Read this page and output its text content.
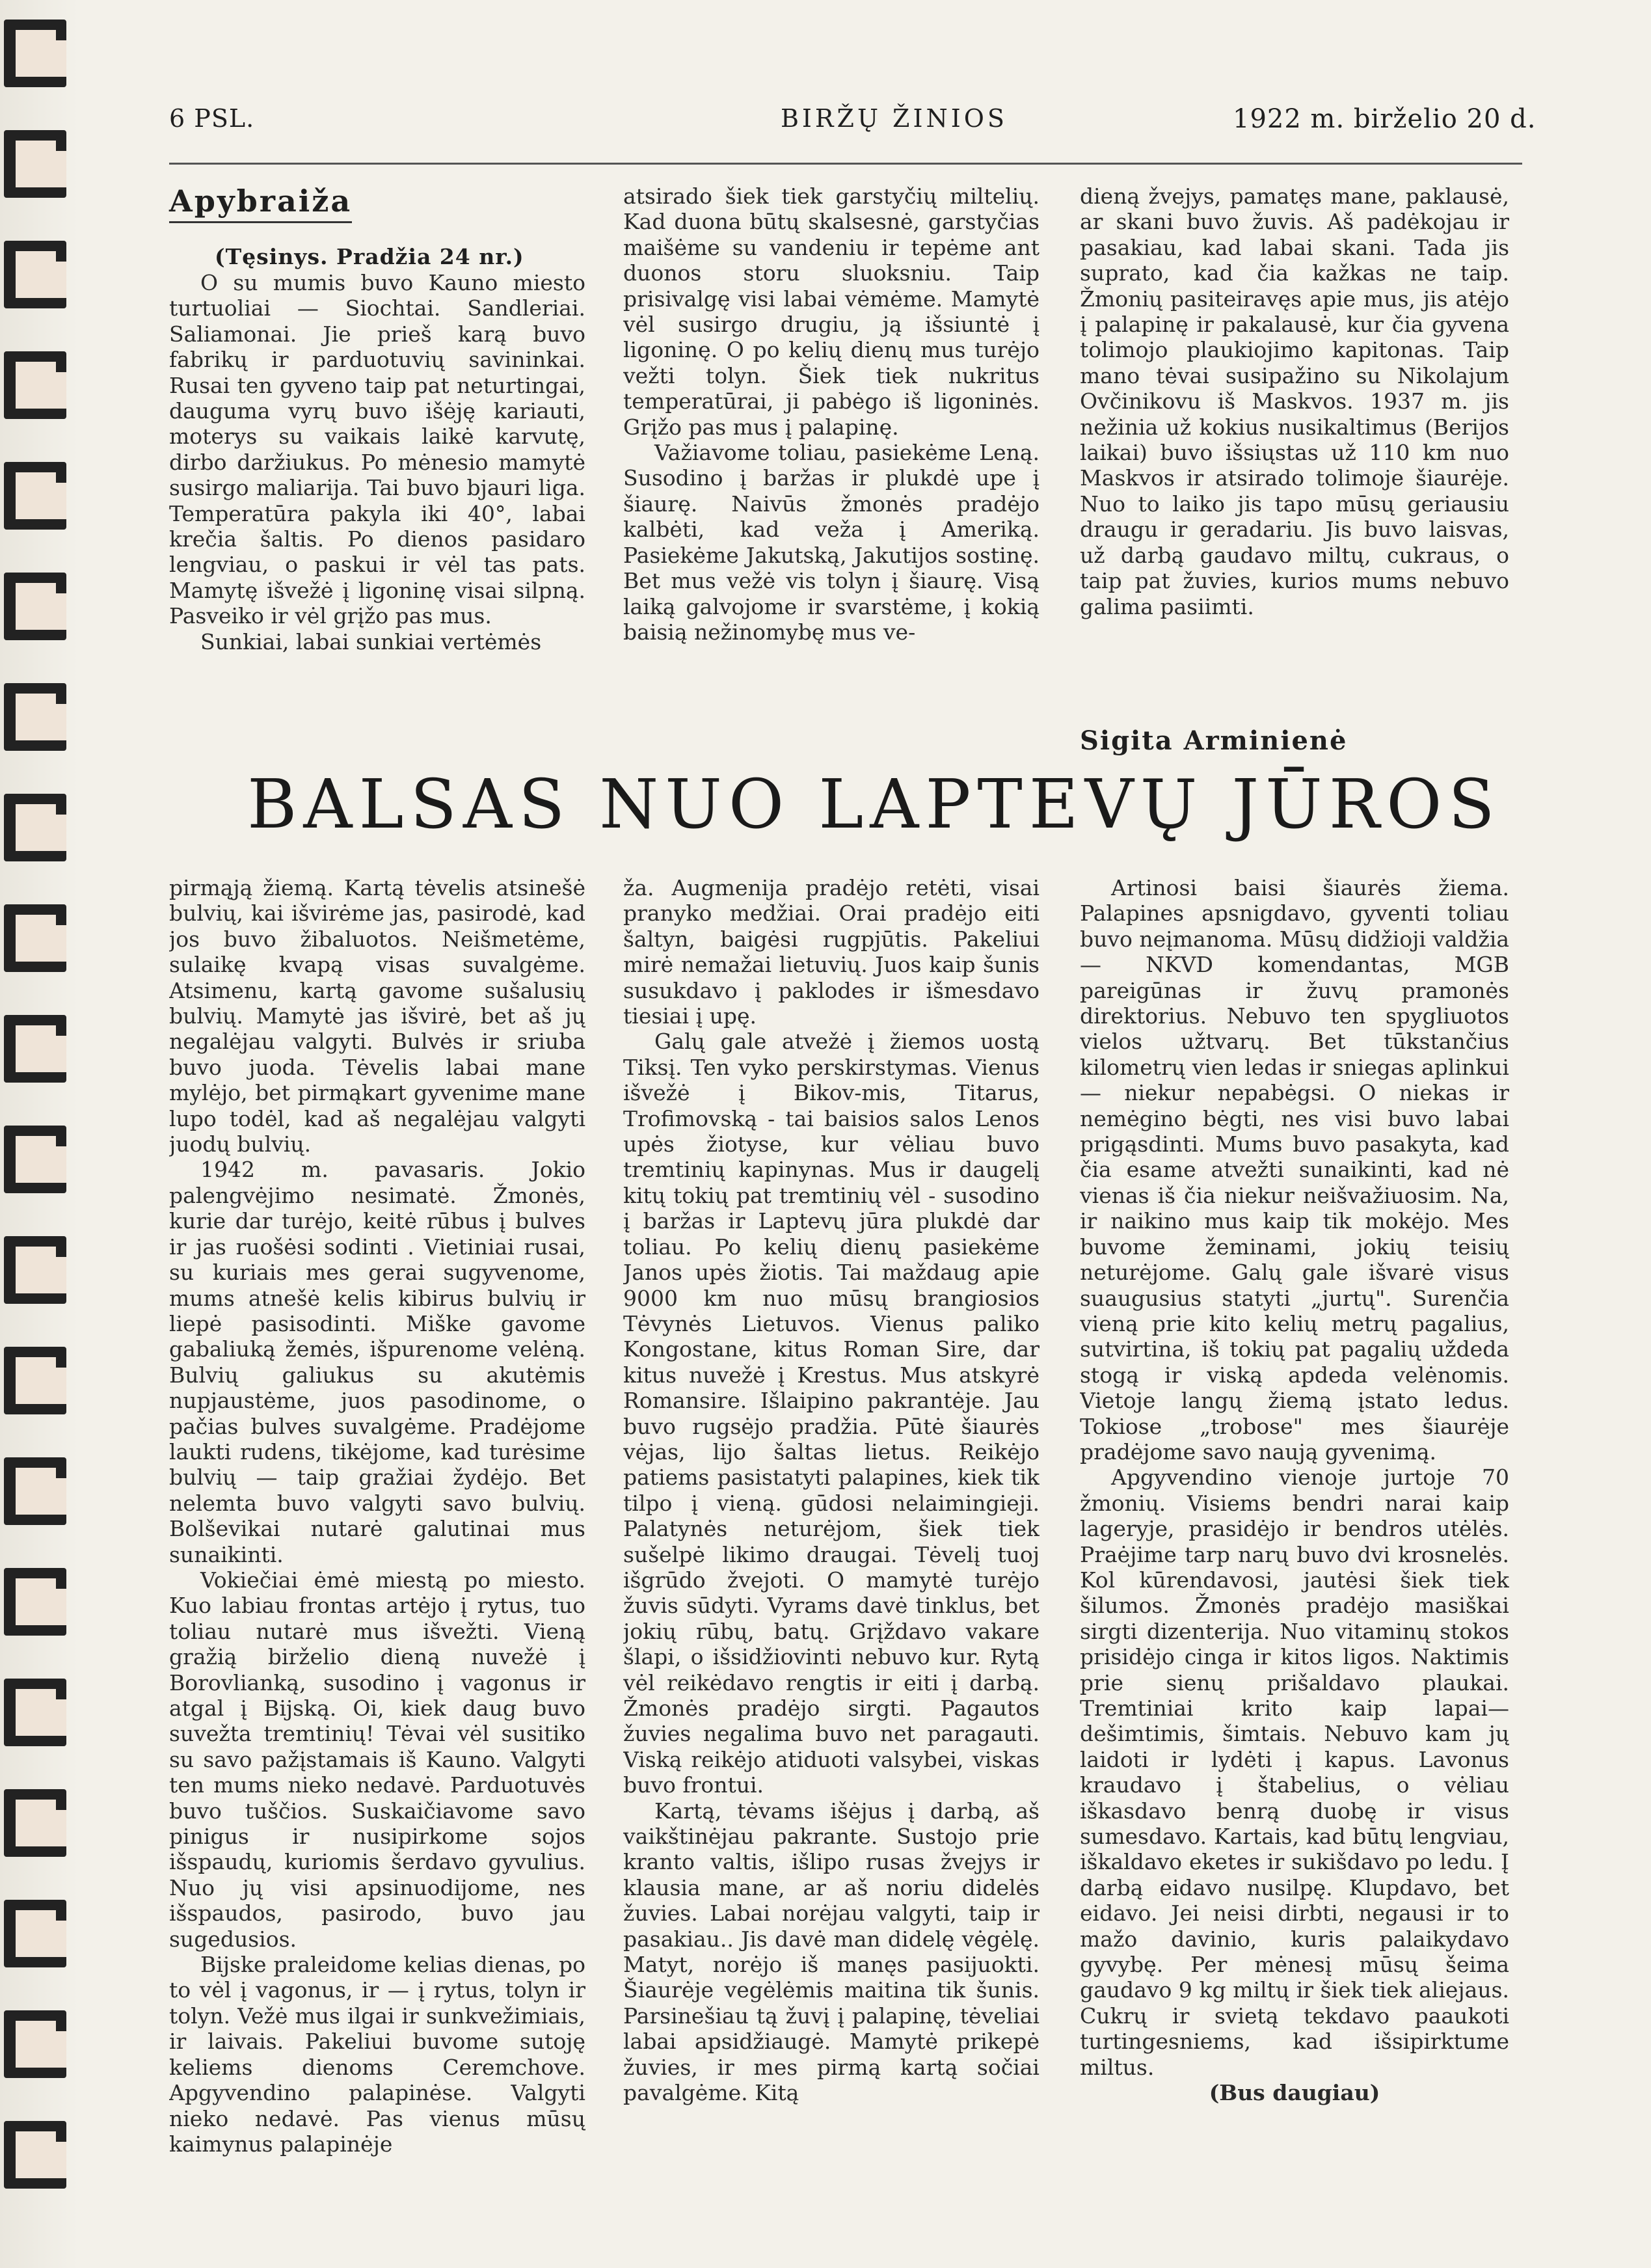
6 PSL.	BIRŽŲ ŽINIOS	1922 m. birželio 20 d.
Apybraiža
(Tęsinys. Pradžia 24 nr.)

O su mumis buvo Kauno miesto turtuoliai — Siochtai. Sandleriai. Saliamonai. Jie prieš karą buvo fabrikų ir parduotuvių savininkai. Rusai ten gyveno taip pat neturtingai, dauguma vyrų buvo išėję kariauti, moterys su vaikais laikė karvutę, dirbo daržiukus. Po mėnesio mamytė susirgo maliarija. Tai buvo bjauri liga. Temperatūra pakyla iki 40°, labai krečia šaltis. Po dienos pasidaro lengviau, o paskui ir vėl tas pats. Mamytę išvežė į ligoninę visai silpną. Pasveiko ir vėl grįžo pas mus.

Sunkiai, labai sunkiai vertėmės

atsirado šiek tiek garstyčių miltelių. Kad duona būtų skalsesnė, garstyčias maišėme su vandeniu ir tepėme ant duonos storu sluoksniu. Taip prisivalgę visi labai vėmėme. Mamytė vėl susirgo drugiu, ją išsiuntė į ligoninę. O po kelių dienų mus turėjo vežti tolyn. Šiek tiek nukritus temperatūrai, ji pabėgo iš ligoninės. Grįžo pas mus į palapinę.

Važiavome toliau, pasiekėme Leną. Susodino į baržas ir plukdė upe į šiaurę. Naivūs žmonės pradėjo kalbėti, kad veža į Ameriką. Pasiekėme Jakutską, Jakutijos sostinę. Bet mus vežė vis tolyn į šiaurę. Visą laiką galvojome ir svarstėme, į kokią baisią nežinomybę mus ve-

dieną žvejys, pamatęs mane, paklausė, ar skani buvo žuvis. Aš padėkojau ir pasakiau, kad labai skani. Tada jis suprato, kad čia kažkas ne taip. Žmonių pasiteiravęs apie mus, jis atėjo į palapinę ir pakalausė, kur čia gyvena tolimojo plaukiojimo kapitonas. Taip mano tėvai susipažino su Nikolajum Ovčinikovu iš Maskvos. 1937 m. jis nežinia už kokius nusikaltimus (Berijos laikai) buvo išsiųstas už 110 km nuo Maskvos ir atsirado tolimoje šiaurėje. Nuo to laiko jis tapo mūsų geriausiu draugu ir geradariu. Jis buvo laisvas, už darbą gaudavo miltų, cukraus, o taip pat žuvies, kurios mums nebuvo galima pasiimti.

Sigita Arminienė
BALSAS NUO LAPTEVŲ JŪROS

pirmąją žiemą. Kartą tėvelis atsinešė bulvių, kai išvirėme jas, pasirodė, kad jos buvo žibaluotos. Neišmetėme, sulaikę kvapą visas suvalgėme. Atsimenu, kartą gavome sušalusių bulvių. Mamytė jas išvirė, bet aš jų negalėjau valgyti. Bulvės ir sriuba buvo juoda. Tėvelis labai mane mylėjo, bet pirmąkart gyvenime mane lupo todėl, kad aš negalėjau valgyti juodų bulvių.

1942 m. pavasaris. Jokio palengvėjimo nesimatė. Žmonės, kurie dar turėjo, keitė rūbus į bulves ir jas ruošėsi sodinti . Vietiniai rusai, su kuriais mes gerai sugyvenome, mums atnešė kelis kibirus bulvių ir liepė pasisodinti. Miške gavome gabaliuką žemės, išpurenome velėną. Bulvių galiukus su akutėmis nupjaustėme, juos pasodinome, o pačias bulves suvalgėme. Pradėjome laukti rudens, tikėjome, kad turėsime bulvių — taip gražiai žydėjo. Bet nelemta buvo valgyti savo bulvių. Bolševikai nutarė galutinai mus sunaikinti.

Vokiečiai ėmė miestą po miesto. Kuo labiau frontas artėjo į rytus, tuo toliau nutarė mus išvežti. Vieną gražią birželio dieną nuvežė į Borovlianką, susodino į vagonus ir atgal į Bijską. Oi, kiek daug buvo suvežta tremtinių! Tėvai vėl susitiko su savo pažįstamais iš Kauno. Valgyti ten mums nieko nedavė. Parduotuvės buvo tuščios. Suskaičiavome savo pinigus ir nusipirkome sojos išspaudų, kuriomis šerdavo gyvulius. Nuo jų visi apsinuodijome, nes išspaudos, pasirodo, buvo jau sugedusios.

Bijske praleidome kelias dienas, po to vėl į vagonus, ir — į rytus, tolyn ir tolyn. Vežė mus ilgai ir sunkvežimiais, ir laivais. Pakeliui buvome sutoję keliems dienoms Ceremchove. Apgyvendino palapinėse. Valgyti nieko nedavė. Pas vienus mūsų kaimynus palapinėje

ža. Augmenija pradėjo retėti, visai pranyko medžiai. Orai pradėjo eiti šaltyn, baigėsi rugpjūtis. Pakeliui mirė nemažai lietuvių. Juos kaip šunis susukdavo į paklodes ir išmesdavo tiesiai į upę.

Galų gale atvežė į žiemos uostą Tiksį. Ten vyko perskirstymas. Vienus išvežė į Bikov-mis, Titarus, Trofimovską - tai baisios salos Lenos upės žiotyse, kur vėliau buvo tremtinių kapinynas. Mus ir daugelį kitų tokių pat tremtinių vėl - susodino į baržas ir Laptevų jūra plukdė dar toliau. Po kelių dienų pasiekėme Janos upės žiotis. Tai maždaug apie 9000 km nuo mūsų brangiosios Tėvynės Lietuvos. Vienus paliko Kongostane, kitus Roman Sire, dar kitus nuvežė į Krestus. Mus atskyrė Romansire. Išlaipino pakrantėje. Jau buvo rugsėjo pradžia. Pūtė šiaurės vėjas, lijo šaltas lietus. Reikėjo patiems pasistatyti palapines, kiek tik tilpo į vieną. gūdosi nelaimingieji. Palatynės neturėjom, šiek tiek sušelpė likimo draugai. Tėvelį tuoj išgrūdo žvejoti. O mamytė turėjo žuvis sūdyti. Vyrams davė tinklus, bet jokių rūbų, batų. Grįždavo vakare šlapi, o išsidžiovinti nebuvo kur. Rytą vėl reikėdavo rengtis ir eiti į darbą. Žmonės pradėjo sirgti. Pagautos žuvies negalima buvo net paragauti. Viską reikėjo atiduoti valsybei, viskas buvo frontui.

Kartą, tėvams išėjus į darbą, aš vaikštinėjau pakrante. Sustojo prie kranto valtis, išlipo rusas žvejys ir klausia mane, ar aš noriu didelės žuvies. Labai norėjau valgyti, taip ir pasakiau.. Jis davė man didelę vėgėlę. Matyt, norėjo iš manęs pasijuokti. Šiaurėje vegėlėmis maitina tik šunis. Parsinešiau tą žuvį į palapinę, tėveliai labai apsidžiaugė. Mamytė prikepė žuvies, ir mes pirmą kartą sočiai pavalgėme. Kitą

Artinosi baisi šiaurės žiema. Palapines apsnigdavo, gyventi toliau buvo neįmanoma. Mūsų didžioji valdžia — NKVD komendantas, MGB pareigūnas ir žuvų pramonės direktorius. Nebuvo ten spygliuotos vielos užtvarų. Bet tūkstančius kilometrų vien ledas ir sniegas aplinkui — niekur nepabėgsi. O niekas ir nemėgino bėgti, nes visi buvo labai prigąsdinti. Mums buvo pasakyta, kad čia esame atvežti sunaikinti, kad nė vienas iš čia niekur neišvažiuosim. Na, ir naikino mus kaip tik mokėjo. Mes buvome žeminami, jokių teisių neturėjome. Galų gale išvarė visus suaugusius statyti „jurtų". Surenčia vieną prie kito kelių metrų pagalius, sutvirtina, iš tokių pat pagalių uždeda stogą ir viską apdeda velėnomis. Vietoje langų žiemą įstato ledus. Tokiose „trobose" mes šiaurėje pradėjome savo naują gyvenimą.

Apgyvendino vienoje jurtoje 70 žmonių. Visiems bendri narai kaip lageryje, prasidėjo ir bendros utėlės. Praėjime tarp narų buvo dvi krosnelės. Kol kūrendavosi, jautėsi šiek tiek šilumos. Žmonės pradėjo masiškai sirgti dizenterija. Nuo vitaminų stokos prisidėjo cinga ir kitos ligos. Naktimis prie sienų prišaldavo plaukai. Tremtiniai krito kaip lapai—dešimtimis, šimtais. Nebuvo kam jų laidoti ir lydėti į kapus. Lavonus kraudavo į štabelius, o vėliau iškasdavo benrą duobę ir visus sumesdavo. Kartais, kad būtų lengviau, iškaldavo eketes ir sukišdavo po ledu. Į darbą eidavo nusilpę. Klupdavo, bet eidavo. Jei neisi dirbti, negausi ir to mažo davinio, kuris palaikydavo gyvybę. Per mėnesį mūsų šeima gaudavo 9 kg miltų ir šiek tiek aliejaus. Cukrų ir svietą tekdavo paaukoti turtingesniems, kad išsipirktume miltus.

(Bus daugiau)
